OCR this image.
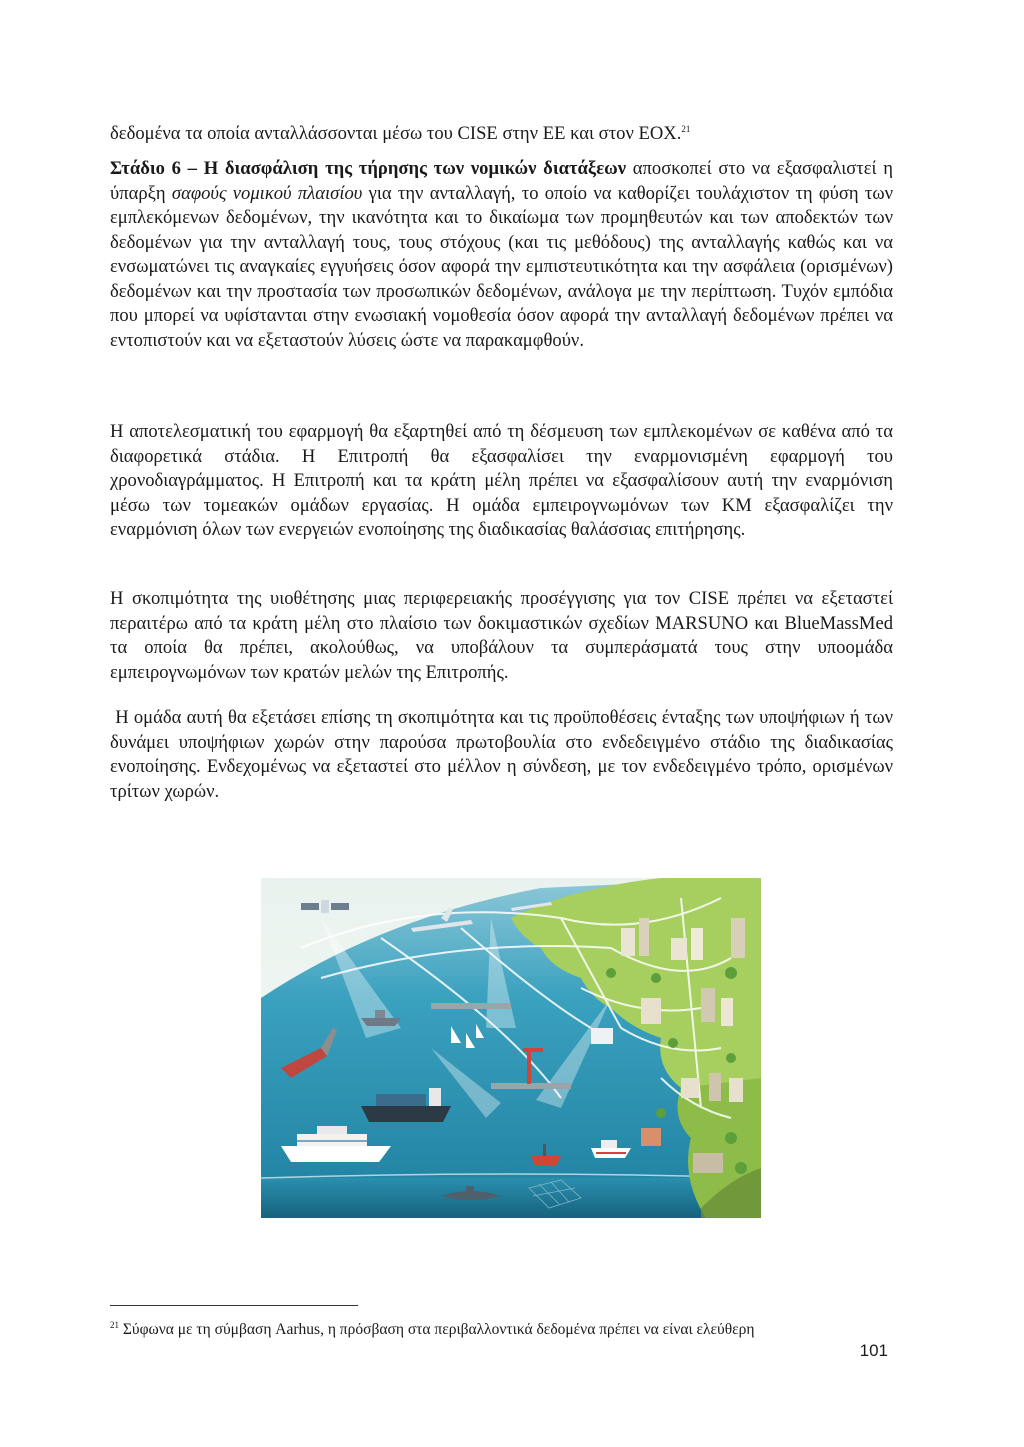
δεδομένα τα οποία ανταλλάσσονται μέσω του CISE στην ΕΕ και στον ΕΟΧ.$^{21}$

Στάδιο 6 – Η διασφάλιση της τήρησης των νομικών διατάξεων αποσκοπεί στο να εξασφαλιστεί η ύπαρξη σαφούς νομικού πλαισίου για την ανταλλαγή, το οποίο να καθορίζει τουλάχιστον τη φύση των εμπλεκόμενων δεδομένων, την ικανότητα και το δικαίωμα των προμηθευτών και των αποδεκτών των δεδομένων για την ανταλλαγή τους, τους στόχους (και τις μεθόδους) της ανταλλαγής καθώς και να ενσωματώνει τις αναγκαίες εγγυήσεις όσον αφορά την εμπιστευτικότητα και την ασφάλεια (ορισμένων) δεδομένων και την προστασία των προσωπικών δεδομένων, ανάλογα με την περίπτωση. Τυχόν εμπόδια που μπορεί να υφίστανται στην ενωσιακή νομοθεσία όσον αφορά την ανταλλαγή δεδομένων πρέπει να εντοπιστούν και να εξεταστούν λύσεις ώστε να παρακαμφθούν.

Η αποτελεσματική του εφαρμογή θα εξαρτηθεί από τη δέσμευση των εμπλεκομένων σε καθένα από τα διαφορετικά στάδια. Η Επιτροπή θα εξασφαλίσει την εναρμονισμένη εφαρμογή του χρονοδιαγράμματος. Η Επιτροπή και τα κράτη μέλη πρέπει να εξασφαλίσουν αυτή την εναρμόνιση μέσω των τομεακών ομάδων εργασίας. Η ομάδα εμπειρογνωμόνων των ΚΜ εξασφαλίζει την εναρμόνιση όλων των ενεργειών ενοποίησης της διαδικασίας θαλάσσιας επιτήρησης.

Η σκοπιμότητα της υιοθέτησης μιας περιφερειακής προσέγγισης για τον CISE πρέπει να εξεταστεί περαιτέρω από τα κράτη μέλη στο πλαίσιο των δοκιμαστικών σχεδίων MARSUNO και BlueMassMed τα οποία θα πρέπει, ακολούθως, να υποβάλουν τα συμπεράσματά τους στην υποομάδα εμπειρογνωμόνων των κρατών μελών της Επιτροπής.

Η ομάδα αυτή θα εξετάσει επίσης τη σκοπιμότητα και τις προϋποθέσεις ένταξης των υποψήφιων ή των δυνάμει υποψήφιων χωρών στην παρούσα πρωτοβουλία στο ενδεδειγμένο στάδιο της διαδικασίας ενοποίησης. Ενδεχομένως να εξεταστεί στο μέλλον η σύνδεση, με τον ενδεδειγμένο τρόπο, ορισμένων τρίτων χωρών.

$^{21}$ Σύφωνα με τη σύμβαση Aarhus, η πρόσβαση στα περιβαλλοντικά δεδομένα πρέπει να είναι ελεύθερη
101
